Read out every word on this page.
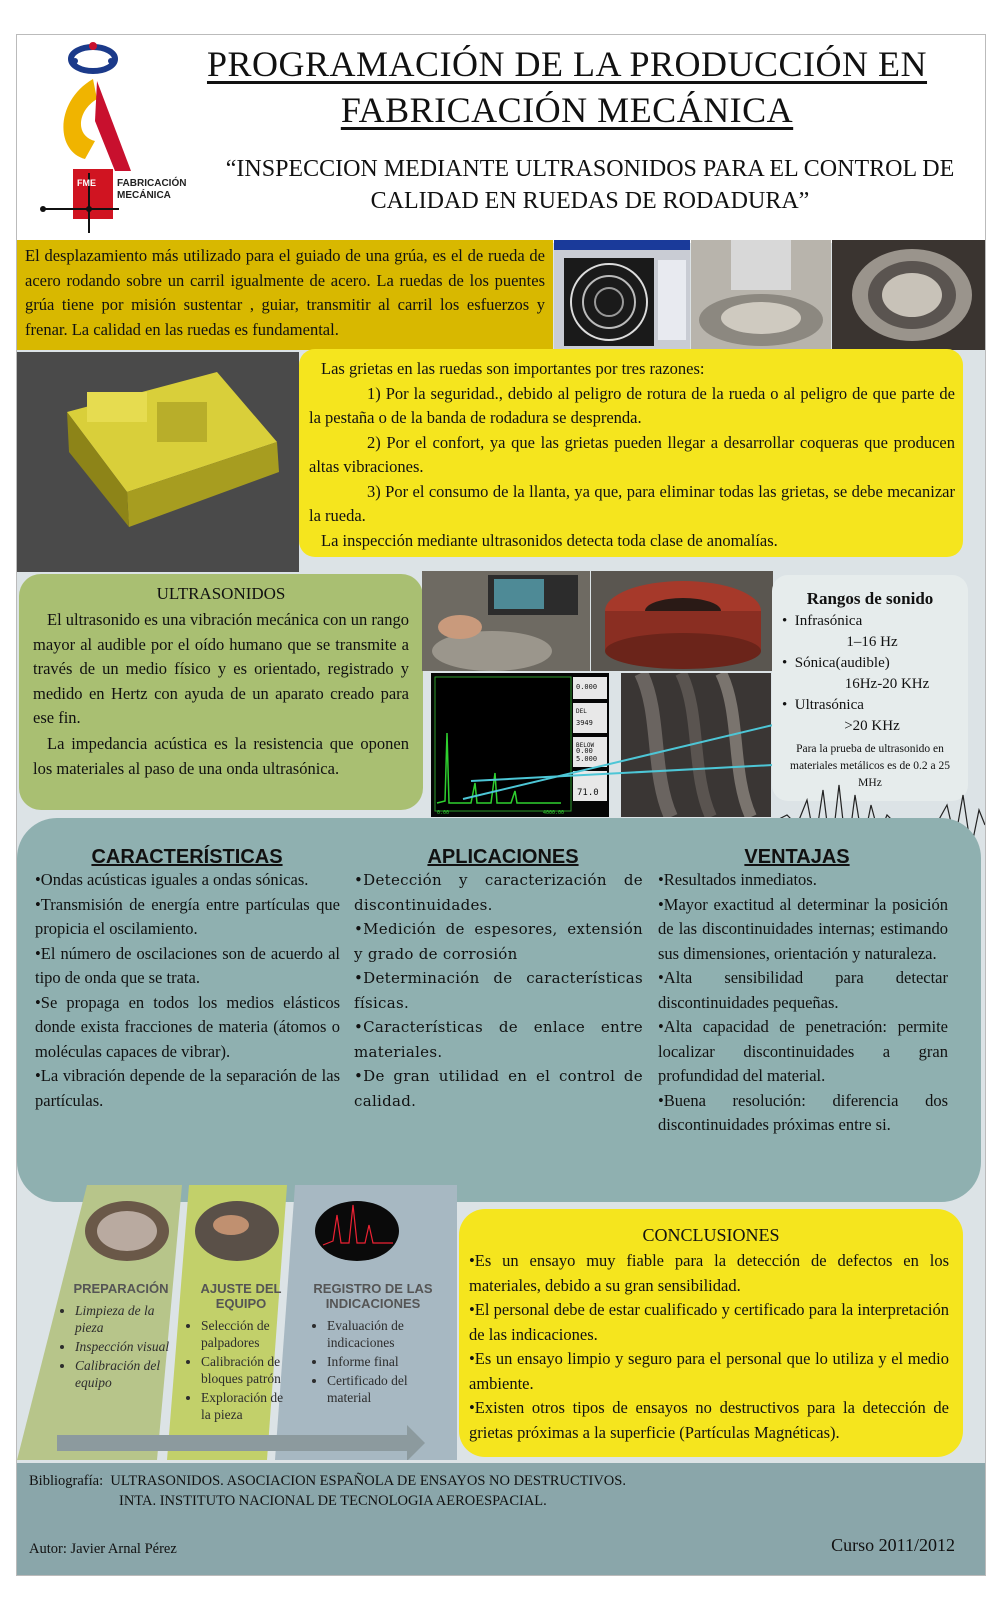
FME FABRICACIÓN
MECÁNICA
PROGRAMACIÓN DE LA PRODUCCIÓN EN
FABRICACIÓN MECÁNICA
“INSPECCION MEDIANTE ULTRASONIDOS PARA EL CONTROL DE
CALIDAD EN RUEDAS DE RODADURA”
El desplazamiento más utilizado para el guiado de una grúa, es el de rueda de acero rodando sobre un carril igualmente de acero. La ruedas de los puentes grúa tiene por misión sustentar , guiar, transmitir al carril los esfuerzos y frenar. La calidad en las ruedas es fundamental.
Las grietas en las ruedas son importantes por tres razones:
1) Por la seguridad., debido al peligro de rotura de la rueda o al peligro de que parte de la pestaña o de la banda de rodadura se desprenda.
2) Por el confort, ya que las grietas pueden llegar a desarrollar coqueras que producen altas vibraciones.
3) Por el consumo de la llanta, ya que, para eliminar todas las grietas, se debe mecanizar la rueda.
La inspección mediante ultrasonidos detecta toda clase de anomalías.
ULTRASONIDOS
El ultrasonido es una vibración mecánica con un rango mayor al audible por el oído humano que se transmite a través de un medio físico y es orientado, registrado y medido en Hertz con ayuda de un aparato creado para ese fin.
La impedancia acústica es la resistencia que oponen los materiales al paso de una onda ultrasónica.
0.000
DEL
3949
0.00
BELOW
5.000
71.0
0.00	4000.00
Rangos de sonido
•  Infrasónica
1–16 Hz
•  Sónica(audible)
16Hz-20 KHz
•  Ultrasónica
>20 KHz
Para la prueba de ultrasonido en materiales metálicos es de 0.2 a 25 MHz
CARACTERÍSTICAS	APLICACIONES	VENTAJAS

•Ondas acústicas iguales a ondas sónicas.

•Transmisión de energía entre partículas que propicia el oscilamiento.

•El número de oscilaciones son de acuerdo al tipo de onda que se trata.

•Se propaga en todos los medios elásticos donde exista fracciones de materia (átomos o moléculas capaces de vibrar).

•La vibración depende de la separación de las partículas.

•Detección y caracterización de discontinuidades.

•Medición de espesores, extensión y grado de corrosión

•Determinación de características físicas.

•Características de enlace entre materiales.

•De gran utilidad en el control de calidad.

•Resultados inmediatos.

•Mayor exactitud al determinar la posición de las discontinuidades internas; estimando sus dimensiones, orientación y naturaleza.

•Alta sensibilidad para detectar discontinuidades pequeñas.

•Alta capacidad de penetración: permite localizar discontinuidades a gran profundidad del material.

•Buena resolución: diferencia dos discontinuidades próximas entre si.

PREPARACIÓN
• Limpieza de la pieza
• Inspección visual
• Calibración del equipo
AJUSTE DEL EQUIPO
• Selección de palpadores
• Calibración de bloques patrón
• Exploración de la pieza
REGISTRO DE LAS INDICACIONES
• Evaluación de indicaciones
• Informe final
• Certificado del material
CONCLUSIONES

•Es un ensayo muy fiable para la detección de defectos en los materiales, debido a su gran sensibilidad.

•El personal debe de estar cualificado y certificado para la interpretación de las indicaciones.

•Es un ensayo limpio y seguro para el personal que lo utiliza y el medio ambiente.

•Existen otros tipos de ensayos no destructivos para la detección de grietas próximas a la superficie (Partículas Magnéticas).

Bibliografía: ULTRASONIDOS. ASOCIACION ESPAÑOLA DE ENSAYOS NO DESTRUCTIVOS.
INTA. INSTITUTO NACIONAL DE TECNOLOGIA AEROESPACIAL.
Autor: Javier Arnal Pérez	Curso 2011/2012
